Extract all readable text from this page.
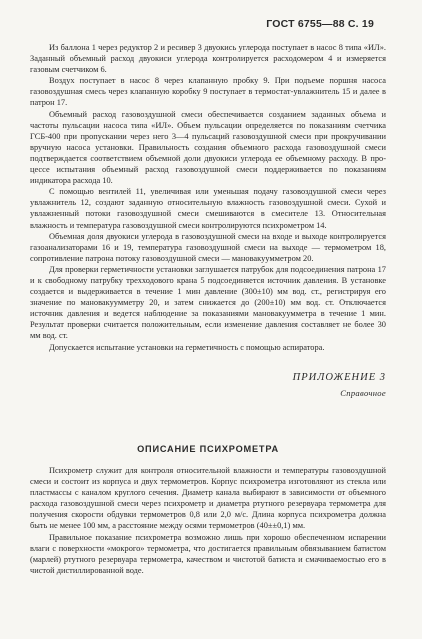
ГОСТ 6755—88 С. 19

Из баллона 1 через редуктор 2 и ресивер 3 двуокись углерода поступает в насос 8 типа «ИЛ». Заданный объемный расход двуокиси углерода контролируется расходомером 4 и измеряется газовым счетчиком 6.

Воздух поступает в насос 8 через клапанную пробку 9. При подъеме поршня насоса газовоздушная смесь через клапанную коробку 9 поступает в термостат-увлажнитель 15 и далее в патрон 17.

Объемный расход газовоздушной смеси обеспечивается созданием заданных объема и частоты пульсации насоса типа «ИЛ». Объем пульсации определяется по показаниям счетчика ГСБ-400 при пропускании через него 3—4 пульсаций газовоздушной смеси при прокручивании вручную насоса установки. Правильность создания объемного расхода газовоздушной смеси подтверждается соответствием объемной доли двуокиси углерода ее объемному расходу. В процессе испытания объемный расход газовоздушной смеси поддерживается по показаниям индикатора расхода 10.

С помощью вентилей 11, увеличивая или уменьшая подачу газовоздушной смеси через увлажнитель 12, создают заданную относительную влажность газовоздушной смеси. Сухой и увлажненный потоки газовоздушной смеси смешиваются в смесителе 13. Относительная влажность и температура газовоздушной смеси контролируются психрометром 14.

Объемная доля двуокиси углерода в газовоздушной смеси на входе и выходе контролируется газоанализаторами 16 и 19, температура газовоздушной смеси на выходе — термометром 18, сопротивление патрона потоку газовоздушной смеси — мановакуумметром 20.

Для проверки герметичности установки заглушается патрубок для подсоединения патрона 17 и к свободному патрубку трехходового крана 5 подсоединяется источник давления. В установке создается и выдерживается в течение 1 мин давление (300±10) мм вод. ст., регистрируя его значение по мановакуумметру 20, и затем снижается до (200±10) мм вод. ст. Отключается источник давления и ведется наблюдение за показаниями мановакуумметра в течение 1 мин. Результат проверки считается положительным, если изменение давления составляет не более 30 мм вод. ст.

Допускается испытание установки на герметичность с помощью аспиратора.

ПРИЛОЖЕНИЕ 3
Справочное
ОПИСАНИЕ ПСИХРОМЕТРА

Психрометр служит для контроля относительной влажности и температуры газовоздушной смеси и состоит из корпуса и двух термометров. Корпус психрометра изготовляют из стекла или пластмассы с каналом круглого сечения. Диаметр канала выбирают в зависимости от объемного расхода газовоздушной смеси через психрометр и диаметра ртутного резервуара термометра для получения скорости обдувки термометров 0,8 или 2,0 м/с. Длина корпуса психрометра должна быть не менее 100 мм, а расстояние между осями термометров (40±±0,1) мм.

Правильное показание психрометра возможно лишь при хорошо обеспеченном испарении влаги с поверхности «мокрого» термометра, что достигается правильным обвязыванием батистом (марлей) ртутного резервуара термометра, качеством и чистотой батиста и смачиваемостью его в чистой дистиллированной воде.
